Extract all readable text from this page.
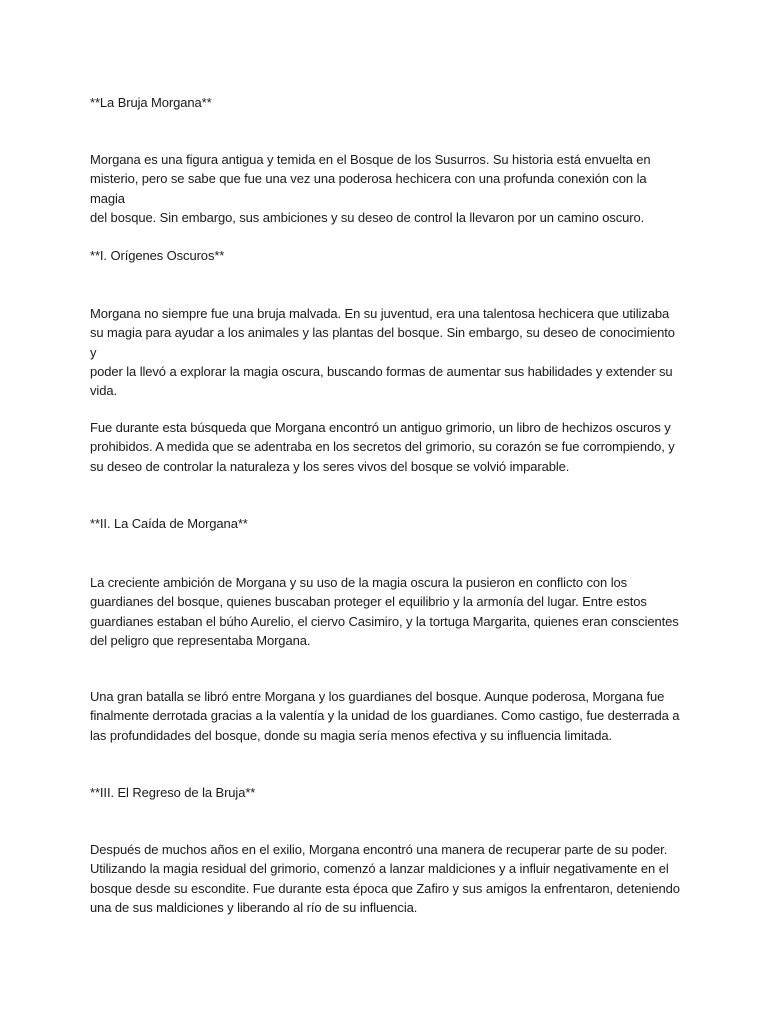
**La Bruja Morgana**
Morgana es una figura antigua y temida en el Bosque de los Susurros. Su historia está envuelta en
misterio, pero se sabe que fue una vez una poderosa hechicera con una profunda conexión con la magia
del bosque. Sin embargo, sus ambiciones y su deseo de control la llevaron por un camino oscuro.
**I. Orígenes Oscuros**
Morgana no siempre fue una bruja malvada. En su juventud, era una talentosa hechicera que utilizaba
su magia para ayudar a los animales y las plantas del bosque. Sin embargo, su deseo de conocimiento y
poder la llevó a explorar la magia oscura, buscando formas de aumentar sus habilidades y extender su
vida.
Fue durante esta búsqueda que Morgana encontró un antiguo grimorio, un libro de hechizos oscuros y
prohibidos. A medida que se adentraba en los secretos del grimorio, su corazón se fue corrompiendo, y
su deseo de controlar la naturaleza y los seres vivos del bosque se volvió imparable.
**II. La Caída de Morgana**
La creciente ambición de Morgana y su uso de la magia oscura la pusieron en conflicto con los
guardianes del bosque, quienes buscaban proteger el equilibrio y la armonía del lugar. Entre estos
guardianes estaban el búho Aurelio, el ciervo Casimiro, y la tortuga Margarita, quienes eran conscientes
del peligro que representaba Morgana.
Una gran batalla se libró entre Morgana y los guardianes del bosque. Aunque poderosa, Morgana fue
finalmente derrotada gracias a la valentía y la unidad de los guardianes. Como castigo, fue desterrada a
las profundidades del bosque, donde su magia sería menos efectiva y su influencia limitada.
**III. El Regreso de la Bruja**
Después de muchos años en el exilio, Morgana encontró una manera de recuperar parte de su poder.
Utilizando la magia residual del grimorio, comenzó a lanzar maldiciones y a influir negativamente en el
bosque desde su escondite. Fue durante esta época que Zafiro y sus amigos la enfrentaron, deteniendo
una de sus maldiciones y liberando al río de su influencia.
